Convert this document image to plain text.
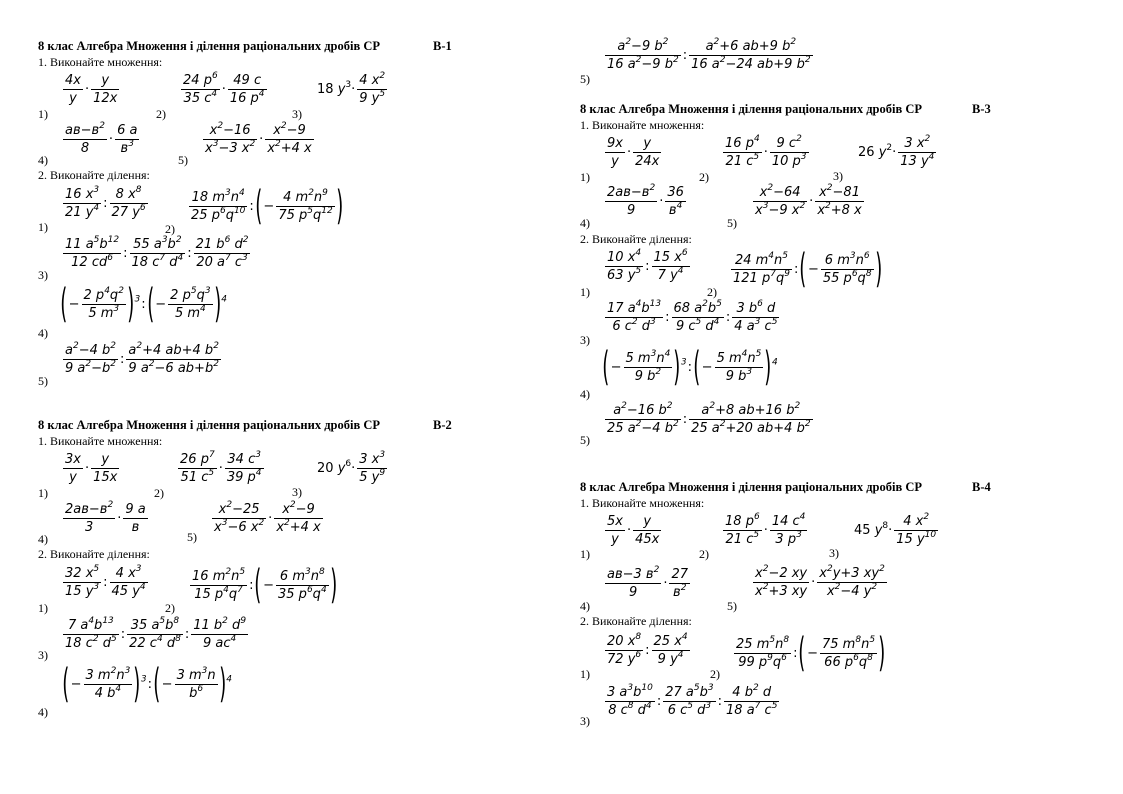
8 клас Алгебра Множення і ділення раціональних дробів СР	В-1
1. Виконайте множення:
1)
$\frac{4x}{y} \cdot \frac{y}{12x}$
2)
$\frac{24 p^6}{35 c^4} \cdot \frac{49 c}{16 p^4}$
3)
18 $y^3\cdot \frac{4 x^2}{9 y^5}$
4)
$\frac{ав-в^2}{8} \cdot \frac{6 а}{в^3}$
5)
$\frac{x^2-16}{x^3-3 x^2} \cdot \frac{x^2-9}{x^2+4 x}$
2. Виконайте ділення:
1)
$\frac{16 x^3}{21 y^4}$ : $\frac{8 x^8}{27 y^6}$
2)
$\frac{18 m^3n^4}{25 p^6q^{10}}$ :(− $\frac{4 m^2n^9}{75 p^5q^{12}}$ )
3)
$\frac{11 a^5b^{12}}{12 cd^6}$ : $\frac{55 a^3b^2}{18 c^7 d^4}$ : $\frac{21 b^6 d^2}{20 a^7 c^3}$
4)
(− $\frac{2 p^4q^2}{5 m^3}$ )$^3$:(− $\frac{2 p^5q^3}{5 m^4} )^4$
5)
$\frac{a^2-4 b^2}{9 a^2-b^2}$ : $\frac{a^2+4 ab+4 b^2}{9 a^2-6 ab+b^2}$
8 клас Алгебра Множення і ділення раціональних дробів СР	В-2
1. Виконайте множення:
1)
$\frac{3x}{y} \cdot \frac{y}{15x}$
2)
$\frac{26 p^7}{51 c^5} \cdot \frac{34 c^3}{39 p^4}$
3)
20 $y^6\cdot \frac{3 x^3}{5 y^9}$
4)
$\frac{2ав-в^2}{3} \cdot \frac{9 а}{в}$
5)
$\frac{x^2-25}{x^3-6 x^2} \cdot \frac{x^2-9}{x^2+4 x}$
2. Виконайте ділення:
1)
$\frac{32 x^5}{15 y^3}$ : $\frac{4 x^3}{45 y^4}$
2)
$\frac{16 m^2n^5}{15 p^4q^7}$ :(− $\frac{6 m^3n^8}{35 p^6q^4}$ )
3)
$\frac{7 a^4b^{13}}{18 c^2 d^5}$ : $\frac{35 a^5b^8}{22 c^4 d^8}$ : $\frac{11 b^2 d^9}{9 ac^4}$
4)
(− $\frac{3 m^2n^3}{4 b^4}$ )$^3$:(− $\frac{3 m^3n}{b^6} )^4$
5)
$\frac{a^2-9 b^2}{16 a^2-9 b^2}$ : $\frac{a^2+6 ab+9 b^2}{16 a^2-24 ab+9 b^2}$
8 клас Алгебра Множення і ділення раціональних дробів СР	В-3
1. Виконайте множення:
1)
$\frac{9x}{y} \cdot \frac{y}{24x}$
2)
$\frac{16 p^4}{21 c^5} \cdot \frac{9 c^2}{10 p^3}$
3)
26 $y^2\cdot \frac{3 x^2}{13 y^4}$
4)
$\frac{2ав-в^2}{9} \cdot \frac{36}{в^4}$
5)
$\frac{x^2-64}{x^3-9 x^2} \cdot \frac{x^2-81}{x^2+8 x}$
2. Виконайте ділення:
1)
$\frac{10 x^4}{63 y^5}$ : $\frac{15 x^6}{7 y^4}$
2)
$\frac{24 m^4n^5}{121 p^7q^9}$ :(− $\frac{6 m^3n^6}{55 p^6q^8}$ )
3)
$\frac{17 a^4b^{13}}{6 c^2 d^3}$ : $\frac{68 a^2b^5}{9 c^5 d^4}$ : $\frac{3 b^6 d}{4 a^3 c^5}$
4)
(− $\frac{5 m^3n^4}{9 b^2}$ )$^3$:(− $\frac{5 m^4n^5}{9 b^3} )^4$
5)
$\frac{a^2-16 b^2}{25 a^2-4 b^2}$ : $\frac{a^2+8 ab+16 b^2}{25 a^2+20 ab+4 b^2}$
8 клас Алгебра Множення і ділення раціональних дробів СР	В-4
1. Виконайте множення:
1)
$\frac{5x}{y} \cdot \frac{y}{45x}$
2)
$\frac{18 p^6}{21 c^5} \cdot \frac{14 c^4}{3 p^3}$
3)
45 $y^8\cdot \frac{4 x^2}{15 y^{10}}$
4)
$\frac{ав-3 в^2}{9} \cdot \frac{27}{в^2}$
5)
$\frac{x^2-2 xy}{x^2+3 xy} \cdot \frac{x^2y+3 xy^2}{x^2-4 y^2}$
2. Виконайте ділення:
1)
$\frac{20 x^8}{72 y^6}$ : $\frac{25 x^4}{9 y^4}$
2)
$\frac{25 m^5n^8}{99 p^9q^6}$ :(− $\frac{75 m^8n^5}{66 p^6q^8}$ )
3)
$\frac{3 a^3b^{10}}{8 c^8 d^4}$ : $\frac{27 a^5b^3}{6 c^5 d^3}$ : $\frac{4 b^2 d}{18 a^7 c^5}$
